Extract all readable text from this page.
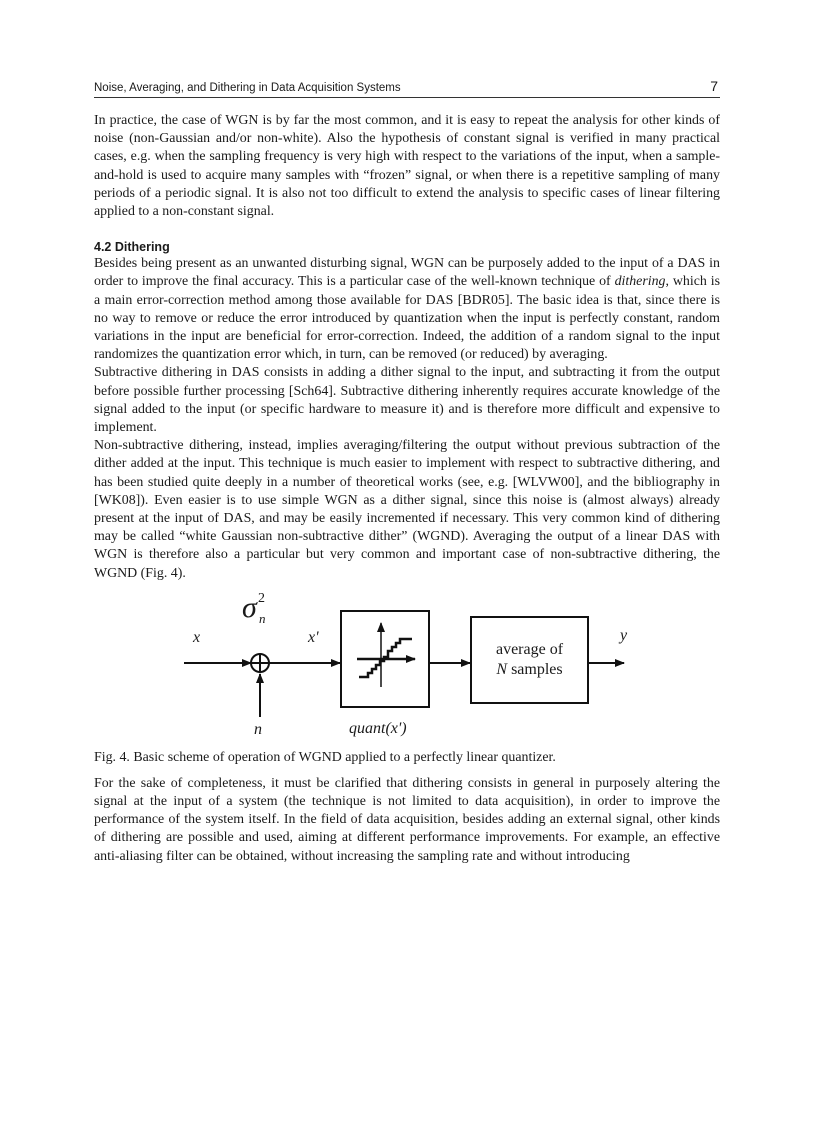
Noise, Averaging, and Dithering in Data Acquisition Systems	7

In practice, the case of WGN is by far the most common, and it is easy to repeat the analysis for other kinds of noise (non-Gaussian and/or non-white). Also the hypothesis of constant signal is verified in many practical cases, e.g. when the sampling frequency is very high with respect to the variations of the input, when a sample-and-hold is used to acquire many samples with “frozen” signal, or when there is a repetitive sampling of many periods of a periodic signal. It is also not too difficult to extend the analysis to specific cases of linear filtering applied to a non-constant signal.

4.2 Dithering

Besides being present as an unwanted disturbing signal, WGN can be purposely added to the input of a DAS in order to improve the final accuracy. This is a particular case of the well-known technique of dithering, which is a main error-correction method among those available for DAS [BDR05]. The basic idea is that, since there is no way to remove or reduce the error introduced by quantization when the input is perfectly constant, random variations in the input are beneficial for error-correction. Indeed, the addition of a random signal to the input randomizes the quantization error which, in turn, can be removed (or reduced) by averaging.

Subtractive dithering in DAS consists in adding a dither signal to the input, and subtracting it from the output before possible further processing [Sch64]. Subtractive dithering inherently requires accurate knowledge of the signal added to the input (or specific hardware to measure it) and is therefore more difficult and expensive to implement.

Non-subtractive dithering, instead, implies averaging/filtering the output without previous subtraction of the dither added at the input. This technique is much easier to implement with respect to subtractive dithering, and has been studied quite deeply in a number of theoretical works (see, e.g. [WLVW00], and the bibliography in [WK08]). Even easier is to use simple WGN as a dither signal, since this noise is (almost always) already present at the input of DAS, and may be easily incremented if necessary. This very common kind of dithering may be called “white Gaussian non-subtractive dither” (WGND). Averaging the output of a linear DAS with WGN is therefore also a particular but very common and important case of non-subtractive dithering, the WGND (Fig. 4).

x
σ 2
n
n
x'
quant(x')
average of
N samples
y
Fig. 4. Basic scheme of operation of WGND applied to a perfectly linear quantizer.

For the sake of completeness, it must be clarified that dithering consists in general in purposely altering the signal at the input of a system (the technique is not limited to data acquisition), in order to improve the performance of the system itself. In the field of data acquisition, besides adding an external signal, other kinds of dithering are possible and used, aiming at different performance improvements. For example, an effective anti-aliasing filter can be obtained, without increasing the sampling rate and without introducing
